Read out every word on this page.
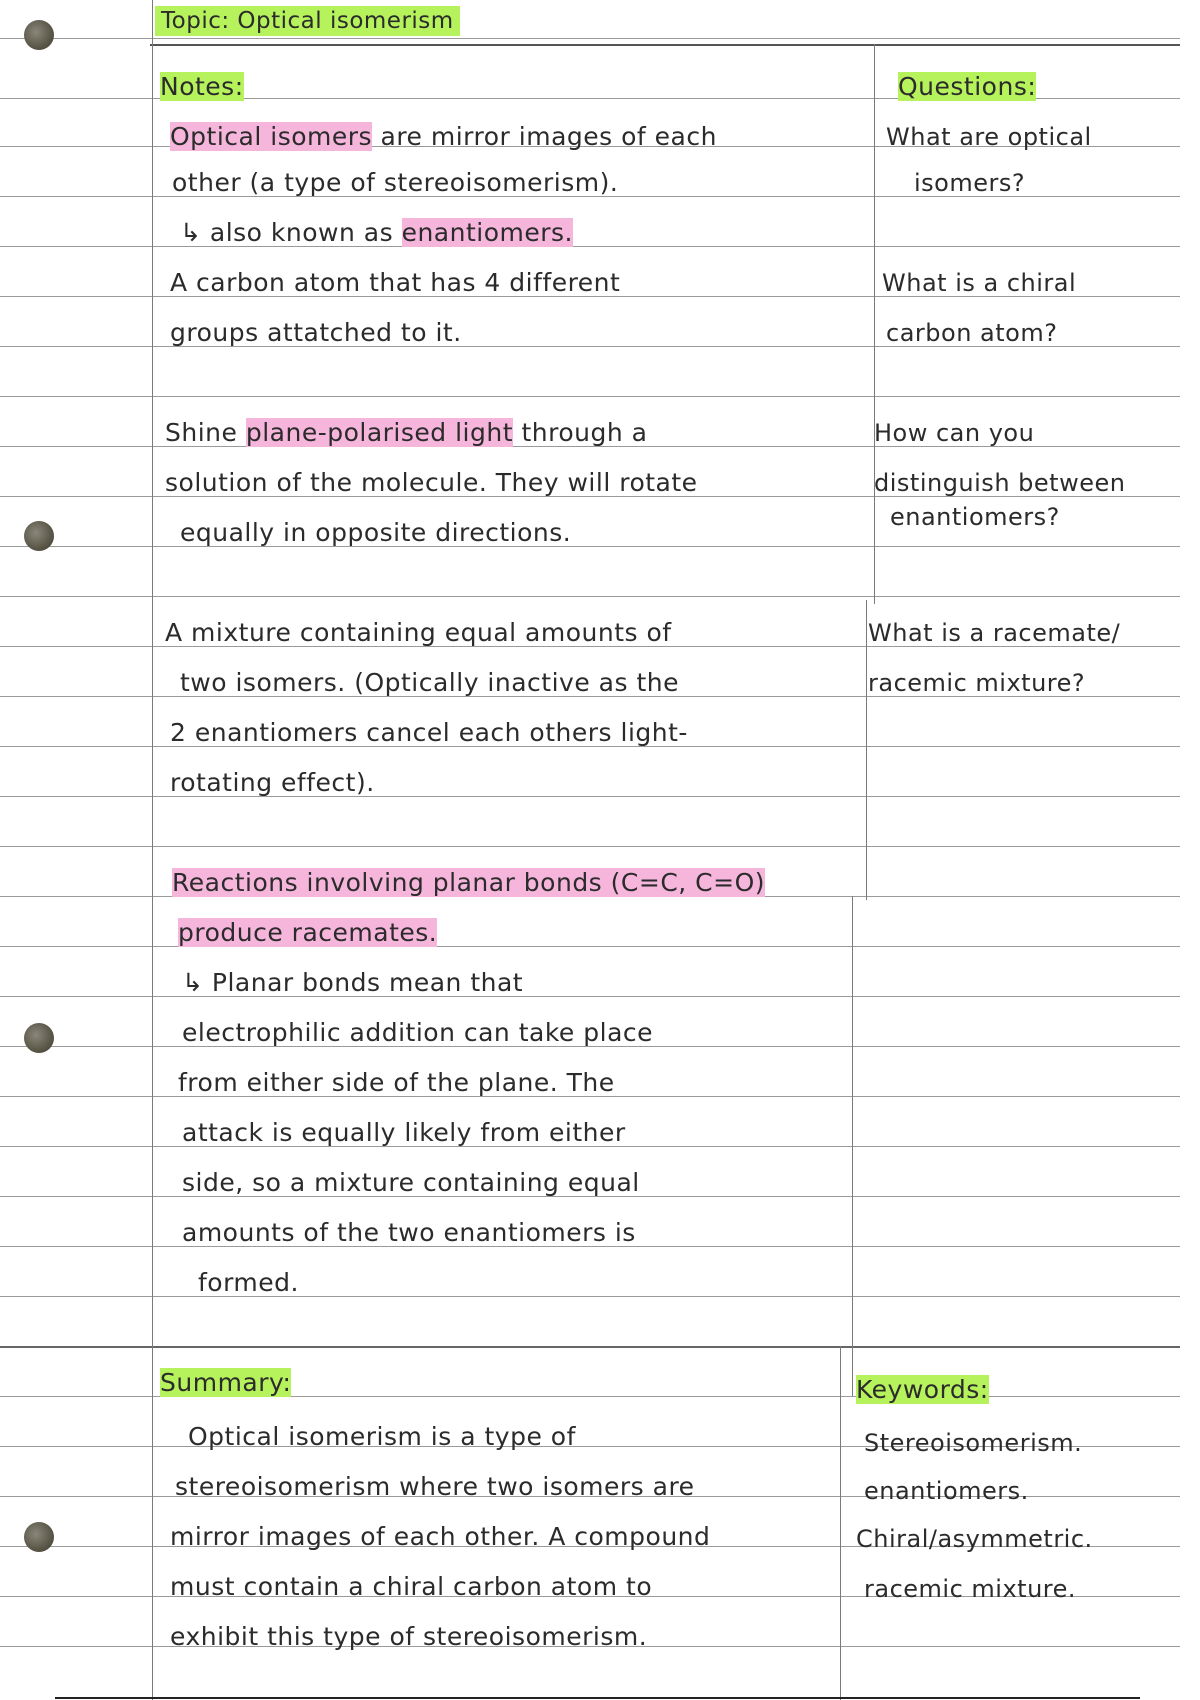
Topic: Optical isomerism
Notes:	Questions:
Optical isomers are mirror images of each
other (a type of stereoisomerism).
↳ also known as enantiomers.
A carbon atom that has 4 different
groups attatched to it.
Shine plane-polarised light through a
solution of the molecule. They will rotate
equally in opposite directions.
A mixture containing equal amounts of
two isomers. (Optically inactive as the
2 enantiomers cancel each others light-
rotating effect).
Reactions involving planar bonds (C=C, C=O)
produce racemates.
↳ Planar bonds mean that
electrophilic addition can take place
from either side of the plane. The
attack is equally likely from either
side, so a mixture containing equal
amounts of the two enantiomers is
formed.
What are optical
isomers?
What is a chiral
carbon atom?
How can you
distinguish between
enantiomers?
What is a racemate/
racemic mixture?
Summary:
Optical isomerism is a type of
stereoisomerism where two isomers are
mirror images of each other. A compound
must contain a chiral carbon atom to
exhibit this type of stereoisomerism.
Keywords:
Stereoisomerism.
enantiomers.
Chiral/asymmetric.
racemic mixture.
